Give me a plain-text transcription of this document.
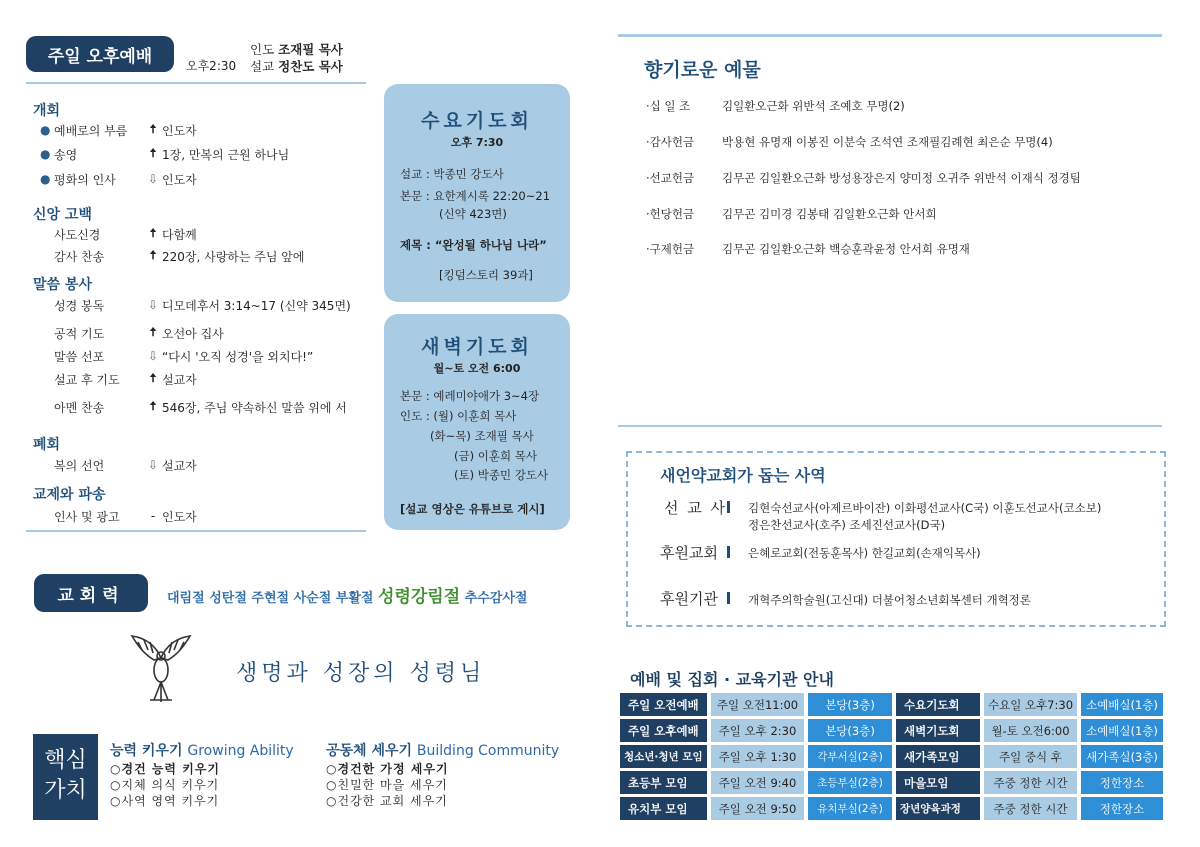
주일 오후예배	오후2:30
인도 조재필 목사
설교 정찬도 목사
개회
● 예배로의 부름	🠅 인도자
● 송영	🠅 1장, 만복의 근원 하나님
● 평화의 인사	⇩ 인도자
신앙 고백
사도신경	🠅 다함께
감사 찬송	🠅 220장, 사랑하는 주님 앞에
말씀 봉사
성경 봉독	⇩ 디모데후서 3:14~17 (신약 345면)
공적 기도	🠅 오선아 집사
말씀 선포	⇩ “다시 '오직 성경'을 외치다!”
설교 후 기도	🠅 설교자
아멘 찬송	🠅 546장, 주님 약속하신 말씀 위에 서
폐회
복의 선언	⇩ 설교자
교제와 파송
인사 및 광고	- 인도자
수요기도회
오후 7:30
설교 : 박종민 강도사
본문 : 요한계시록 22:20~21
(신약 423면)
제목 : “완성될 하나님 나라”
[킹덤스토리 39과]
새벽기도회
월~토 오전 6:00
본문 : 예레미야애가 3~4장
인도 : (월) 이훈희 목사
(화~목) 조재필 목사
(금) 이훈희 목사
(토) 박종민 강도사
[설교 영상은 유튜브로 게시]
교회력	대림절 성탄절 주현절 사순절 부활절 성령강림절 추수감사절
생명과 성장의 성령님
핵심
가치
능력 키우기 Growing Ability
○경건 능력 키우기
○지체 의식 키우기
○사역 영역 키우기
공동체 세우기 Building Community
○경건한 가정 세우기
○친밀한 마을 세우기
○건강한 교회 세우기
향기로운 예물
·십 일 조	김일환오근화 위반석 조예호 무명(2)
·감사헌금 박용현 유명재 이봉진 이분숙 조석연 조재필김례현 최은순 무명(4)
·선교헌금 김무곤 김일환오근화 방성용장은지 양미정 오귀주 위반석 이재식 정경팀
·헌당헌금 김무곤 김미경 김봉태 김일환오근화 안서희
·구제헌금 김무곤 김일환오근화 백승훈곽윤정 안서희 유명재
새언약교회가 돕는 사역
선 교 사 김현숙선교사(아제르바이잔) 이화평선교사(C국) 이훈도선교사(코소보)
정은찬선교사(호주) 조세진선교사(D국)
후원교회	은혜로교회(전동훈목사) 한길교회(손재익목사)
후원기관	개혁주의학술원(고신대) 더불어청소년회복센터 개혁정론
예배 및 집회 · 교육기관 안내
주일 오전예배	주일 오전11:00	본당(3층)	수요기도회	수요일 오후7:30	소예배실(1층)
주일 오후예배	주일 오후 2:30	본당(3층)	새벽기도회	월-토 오전6:00	소예배실(1층)
청소년·청년 모임	주일 오후 1:30	각부서실(2층)	새가족모임	주일 중식 후	새가족실(3층)
초등부 모임	주일 오전 9:40	초등부실(2층)	마을모임	주중 정한 시간	정한장소
유치부 모임	주일 오전 9:50	유치부실(2층)	장년양육과정	주중 정한 시간	정한장소
